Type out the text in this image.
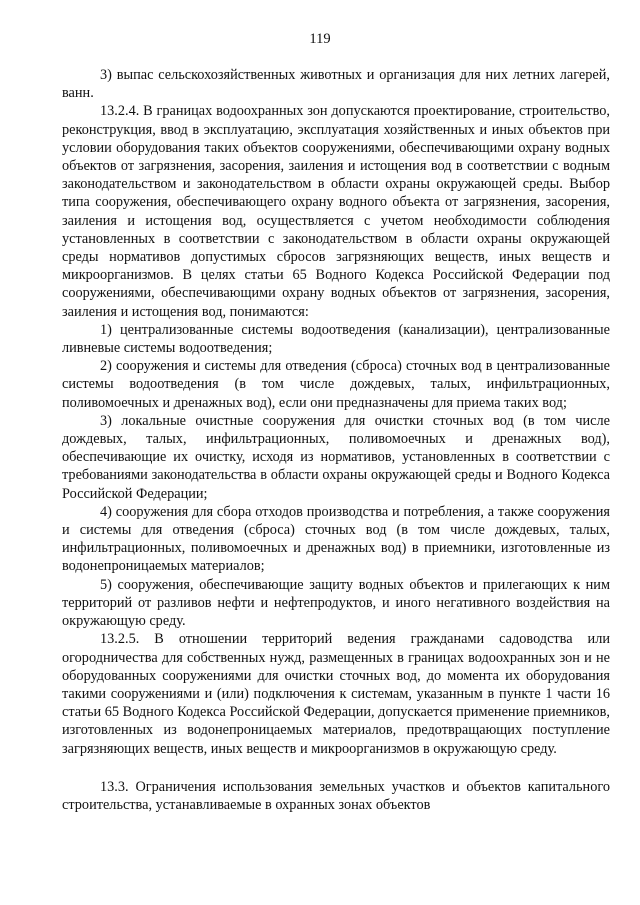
119

3) выпас сельскохозяйственных животных и организация для них летних лагерей, ванн.

13.2.4. В границах водоохранных зон допускаются проектирование, строительство, реконструкция, ввод в эксплуатацию, эксплуатация хозяйственных и иных объектов при условии оборудования таких объектов сооружениями, обеспечивающими охрану водных объектов от загрязнения, засорения, заиления и истощения вод в соответствии с водным законодательством и законодательством в области охраны окружающей среды. Выбор типа сооружения, обеспечивающего охрану водного объекта от загрязнения, засорения, заиления и истощения вод, осуществляется с учетом необходимости соблюдения установленных в соответствии с законодательством в области охраны окружающей среды нормативов допустимых сбросов загрязняющих веществ, иных веществ и микроорганизмов. В целях статьи 65 Водного Кодекса Российской Федерации под сооружениями, обеспечивающими охрану водных объектов от загрязнения, засорения, заиления и истощения вод, понимаются:

1) централизованные системы водоотведения (канализации), централизованные ливневые системы водоотведения;

2) сооружения и системы для отведения (сброса) сточных вод в централизованные системы водоотведения (в том числе дождевых, талых, инфильтрационных, поливомоечных и дренажных вод), если они предназначены для приема таких вод;

3) локальные очистные сооружения для очистки сточных вод (в том числе дождевых, талых, инфильтрационных, поливомоечных и дренажных вод), обеспечивающие их очистку, исходя из нормативов, установленных в соответствии с требованиями законодательства в области охраны окружающей среды и Водного Кодекса Российской Федерации;

4) сооружения для сбора отходов производства и потребления, а также сооружения и системы для отведения (сброса) сточных вод (в том числе дождевых, талых, инфильтрационных, поливомоечных и дренажных вод) в приемники, изготовленные из водонепроницаемых материалов;

5) сооружения, обеспечивающие защиту водных объектов и прилегающих к ним территорий от разливов нефти и нефтепродуктов, и иного негативного воздействия на окружающую среду.

13.2.5. В отношении территорий ведения гражданами садоводства или огородничества для собственных нужд, размещенных в границах водоохранных зон и не оборудованных сооружениями для очистки сточных вод, до момента их оборудования такими сооружениями и (или) подключения к системам, указанным в пункте 1 части 16 статьи 65 Водного Кодекса Российской Федерации, допускается применение приемников, изготовленных из водонепроницаемых материалов, предотвращающих поступление загрязняющих веществ, иных веществ и микроорганизмов в окружающую среду.

13.3. Ограничения использования земельных участков и объектов капитального строительства, устанавливаемые в охранных зонах объектов
